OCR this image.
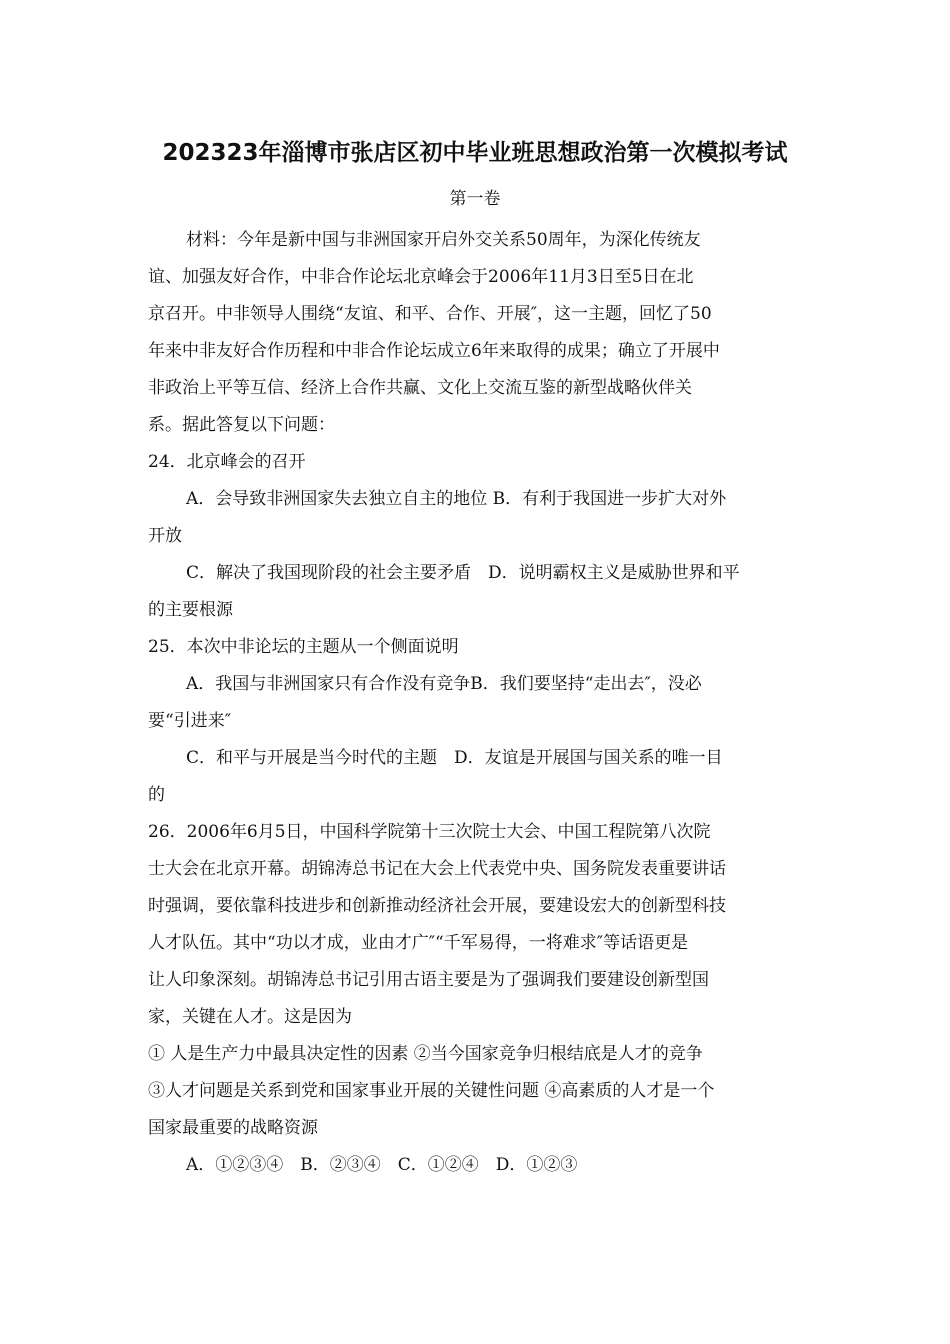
202323年淄博市张店区初中毕业班思想政治第一次模拟考试
第一卷
材料：今年是新中国与非洲国家开启外交关系50周年，为深化传统友
谊、加强友好合作，中非合作论坛北京峰会于2006年11月3日至5日在北
京召开。中非领导人围绕“友谊、和平、合作、开展″，这一主题，回忆了50
年来中非友好合作历程和中非合作论坛成立6年来取得的成果；确立了开展中
非政治上平等互信、经济上合作共赢、文化上交流互鉴的新型战略伙伴关
系。据此答复以下问题：
24．北京峰会的召开
A．会导致非洲国家失去独立自主的地位 B．有利于我国进一步扩大对外
开放
C．解决了我国现阶段的社会主要矛盾　D．说明霸权主义是威胁世界和平
的主要根源
25．本次中非论坛的主题从一个侧面说明
A．我国与非洲国家只有合作没有竞争B．我们要坚持“走出去″，没必
要“引进来″
C．和平与开展是当今时代的主题　D．友谊是开展国与国关系的唯一目
的
26．2006年6月5日，中国科学院第十三次院士大会、中国工程院第八次院
士大会在北京开幕。胡锦涛总书记在大会上代表党中央、国务院发表重要讲话
时强调，要依靠科技进步和创新推动经济社会开展，要建设宏大的创新型科技
人才队伍。其中“功以才成，业由才广″“千军易得，一将难求″等话语更是
让人印象深刻。胡锦涛总书记引用古语主要是为了强调我们要建设创新型国
家，关键在人才。这是因为
① 人是生产力中最具决定性的因素 ②当今国家竞争归根结底是人才的竞争
③人才问题是关系到党和国家事业开展的关键性问题 ④高素质的人才是一个
国家最重要的战略资源
A．①②③④　B．②③④　C．①②④　D．①②③
